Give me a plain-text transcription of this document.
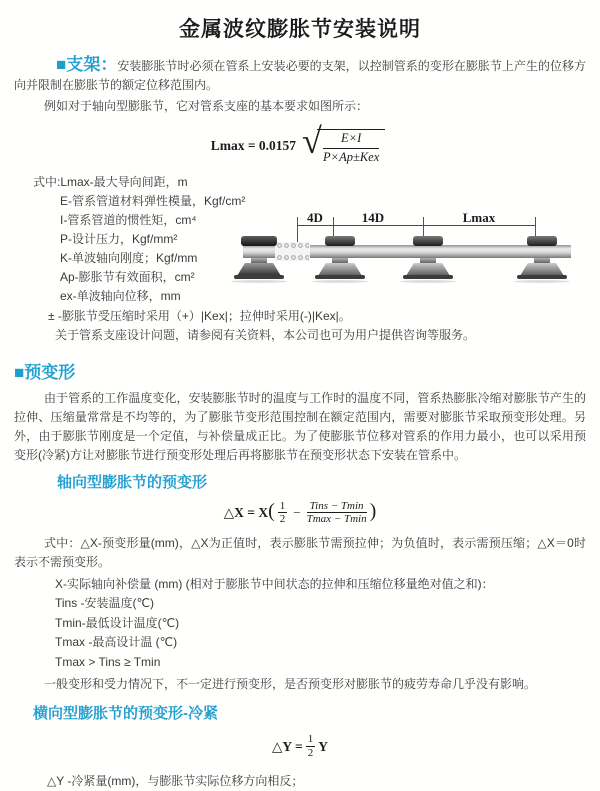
金属波纹膨胀节安装说明

■支架：安装膨胀节时必须在管系上安装必要的支架，以控制管系的变形在膨胀节上产生的位移方向并限制在膨胀节的额定位移范围内。

例如对于轴向型膨胀节，它对管系支座的基本要求如图所示：

Lmax = 0.0157	√ E×I
P×Ap±Kex
式中:Lmax-最大导向间距，m
E-管系管道材料弹性模量，Kgf/cm²
I-管系管道的惯性矩，cm⁴
P-设计压力，Kgf/mm²
K-单波轴向刚度；Kgf/mm
Ap-膨胀节有效面积，cm²
ex-单波轴向位移，mm
± -膨胀节受压缩时采用（+）|Kex|；拉伸时采用(-)|Kex|。
关于管系支座设计问题，请参阅有关资料，本公司也可为用户提供咨询等服务。
4D	14D	Lmax
■预变形

由于管系的工作温度变化，安装膨胀节时的温度与工作时的温度不同，管系热膨胀冷缩对膨胀节产生的拉伸、压缩量常常是不均等的，为了膨胀节变形范围控制在额定范围内，需要对膨胀节采取预变形处理。另外，由于膨胀节刚度是一个定值，与补偿量成正比。为了使膨胀节位移对管系的作用力最小，也可以采用预变形(冷紧)方让对膨胀节进行预变形处理后再将膨胀节在预变形状态下安装在管系中。

轴向型膨胀节的预变形
△X = X ( 1
2 − Tins − Tmin
Tmax − Tmin )

式中：△X-预变形量(mm)，△X为正值时，表示膨胀节需预拉伸；为负值时，表示需预压缩；△X＝0时表示不需预变形。

X-实际轴向补偿量 (mm) (相对于膨胀节中间状态的拉伸和压缩位移量绝对值之和)：
Tins -安装温度(℃)
Tmin-最低设计温度(℃)
Tmax -最高设计温 (℃)
Tmax > Tins ≥ Tmin

一般变形和受力情况下，不一定进行预变形，是否预变形对膨胀节的疲劳寿命几乎没有影响。

横向型膨胀节的预变形-冷紧
△Y = $\frac{1}{2}$ Y

△Y -冷紧量(mm)，与膨胀节实际位移方向相反；
